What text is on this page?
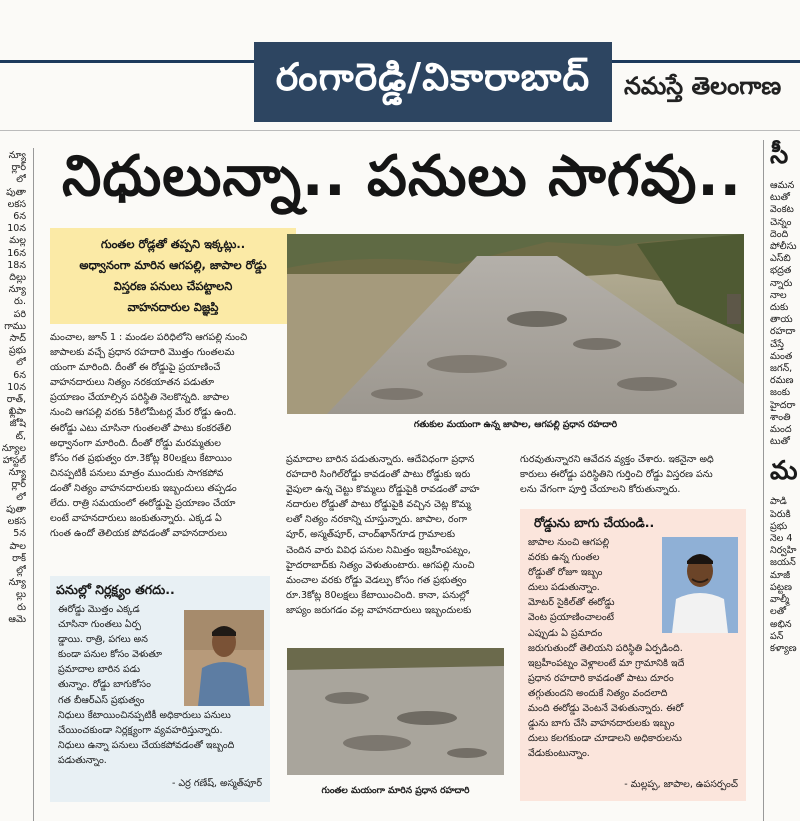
రంగారెడ్డి/వికారాబాద్	నమస్తే తెలంగాణ
న్యూ
ర్లార్
లో
పుతా
లకస
6న
10న
మల్ల
16న
18న
దిల్లు
న్యూ
రు.
పరి
గాము
సాద్
ప్రభు
లో
6న
10న
రాత్,
ఖ్లిపా
జోషి
ట్,
న్యూల
హాస్టల్
న్యూ
ర్లార్
లో
పుతా
లకస
5న
పాల
రాక్
ల్లో
న్యూ
ల్లు
రు
ఆమె
సీ
ఆమన
టుతో
వెంకట
చెన్నం
దెంది
పోలీసు
ఎస్‌బి
భద్రత
న్నారు
నాల
దుకు
తాయ
రహదా
చేస్తే
మంత
జగన్,
రమణ
జంకు
హైదరా
శాంతి
మంద
టుతో
మ
పాడి
పెరుకి
ప్రభు
నెల 4
నిర్వహి
జయన్
మాజీ
పట్టణ
వాల్మీ
లతో
అభిన
పన్
కళ్యాణ
నిధులున్నా.. పనులు సాగవు..
గుంతల రోడ్లతో తప్పని ఇక్కట్లు..
అధ్వానంగా మారిన ఆగపల్లి, జాపాల రోడ్డు
విస్తరణ పనులు చేపట్టాలని
వాహనదారుల విజ్ఞప్తి
మంచాల, జూన్ 1 : మండల పరిధిలోని ఆగపల్లి నుంచి
జాపాలకు వచ్చే ప్రధాన రహదారి మొత్తం గుంతలమ
యంగా మారింది. దీంతో ఈ రోడ్డుపై ప్రయాణించే
వాహనదారులు నిత్యం నరకయాతన పడుతూ
ప్రయాణం చేయాల్సిన పరిస్థితి నెలకొన్నది. జాపాల
నుంచి ఆగపల్లి వరకు 5కిలోమీటర్ల మేర రోడ్డు ఉంది.
ఈరోడ్డు ఎటు చూసినా గుంతలతో పాటు కంకరతేలి
అధ్వానంగా మారింది. దీంతో రోడ్డు మరమ్మతుల
కోసం గత ప్రభుత్వం రూ.3కోట్ల 80లక్షలు కేటాయిం
చినప్పటికీ పనులు మాత్రం ముందుకు సాగకపోవ
డంతో నిత్యం వాహనదారులకు ఇబ్బందులు తప్పడం
లేదు. రాత్రి సమయంలో ఈరోడ్డుపై ప్రయాణం చేయా
లంటే వాహనదారులు జంకుతున్నారు. ఎక్కడ ఏ
గుంత ఉందో తెలియక పోవడంతో వాహనదారులు
గతుకుల మయంగా ఉన్న జాపాల, ఆగపల్లి ప్రధాన రహదారి
ప్రమాదాల బారిన పడుతున్నారు. ఆదేవిధంగా ప్రధాన
రహదారి సింగిల్‌రోడ్డు కావడంతో పాటు రోడ్డుకు ఇరు
వైపులా ఉన్న చెట్టు కొమ్మలు రోడ్డుపైకి రావడంతో వాహ
నదారుల రోడ్డుతో పాటు రోడ్డుపైకి వచ్చిన చెట్ల కొమ్మ
లతో నిత్యం నరకాన్ని చూస్తున్నారు. జాపాల, రంగా
పూర్, అస్మత్‌పూర్, చాంద్‌ఖాన్‌గూడ గ్రామాలకు
చెందిన వారు వివిధ పనుల నిమిత్తం ఇబ్రహీంపట్నం,
హైదరాబాద్‌కు నిత్యం వెళుతుంటారు. ఆగపల్లి నుంచి
మంచాల వరకు రోడ్డు వెడల్పు కోసం గత ప్రభుత్వం
రూ.3కోట్ల 80లక్షలు కేటాయించింది. కానా, పనుల్లో
జాప్యం జరుగడం వల్ల వాహనదారులు ఇబ్బందులకు
గుంతల మయంగా మారిన ప్రధాన రహదారి
గురవుతున్నారని ఆవేదన వ్యక్తం చేశారు. ఇకనైనా అధి
కారులు ఈరోడ్డు పరిస్థితిని గుర్తించి రోడ్డు విస్తరణ పను
లను వేగంగా పూర్తి చేయాలని కోరుతున్నారు.
పనుల్లో నిర్లక్ష్యం తగదు..
ఈరోడ్డు మొత్తం ఎక్కడ
చూసినా గుంతలు ఏర్ప
డ్డాయి. రాత్రి, పగలు అన
కుండా పనుల కోసం వెళుతూ
ప్రమాదాల బారిన పడు
తున్నాం. రోడ్డు బాగుకోసం
గత బీఆర్‌ఎస్ ప్రభుత్వం
నిధులు కేటాయించినప్పటికీ అధికారులు పనులు
చేయించకుండా నిర్లక్ష్యంగా వ్యవహరిస్తున్నారు.
నిధులు ఉన్నా పనులు చేయకపోవడంతో ఇబ్బంది
పడుతున్నాం.
- ఎర్ర గణేష్, అస్మత్‌పూర్
రోడ్డును బాగు చేయండి..
జాపాల నుంచి ఆగపల్లి
వరకు ఉన్న గుంతల
రోడ్డుతో రోజూ ఇబ్బం
దులు పడుతున్నాం.
మోటర్ సైకిల్‌తో ఈరోడ్డు
వెంట ప్రయాణించాలంటే
ఎప్పుడు ఏ ప్రమాదం
జరుగుతుందో తెలియని పరిస్థితి ఏర్పడింది.
ఇబ్రహీంపట్నం వెళ్లాలంటే మా గ్రామానికి ఇదే
ప్రధాన రహదారి కావడంతో పాటు దూరం
తగ్గుతుందని అందుకే నిత్యం వందలాది
మంది ఈరోడ్డు వెంటనే వెళుతున్నారు. ఈరో
డ్డును బాగు చేసి వాహనదారులకు ఇబ్బం
దులు కలగకుండా చూడాలని అధికారులను
వేడుకుంటున్నాం.
- మల్లప్ప, జాపాల, ఉపసర్పంచ్
